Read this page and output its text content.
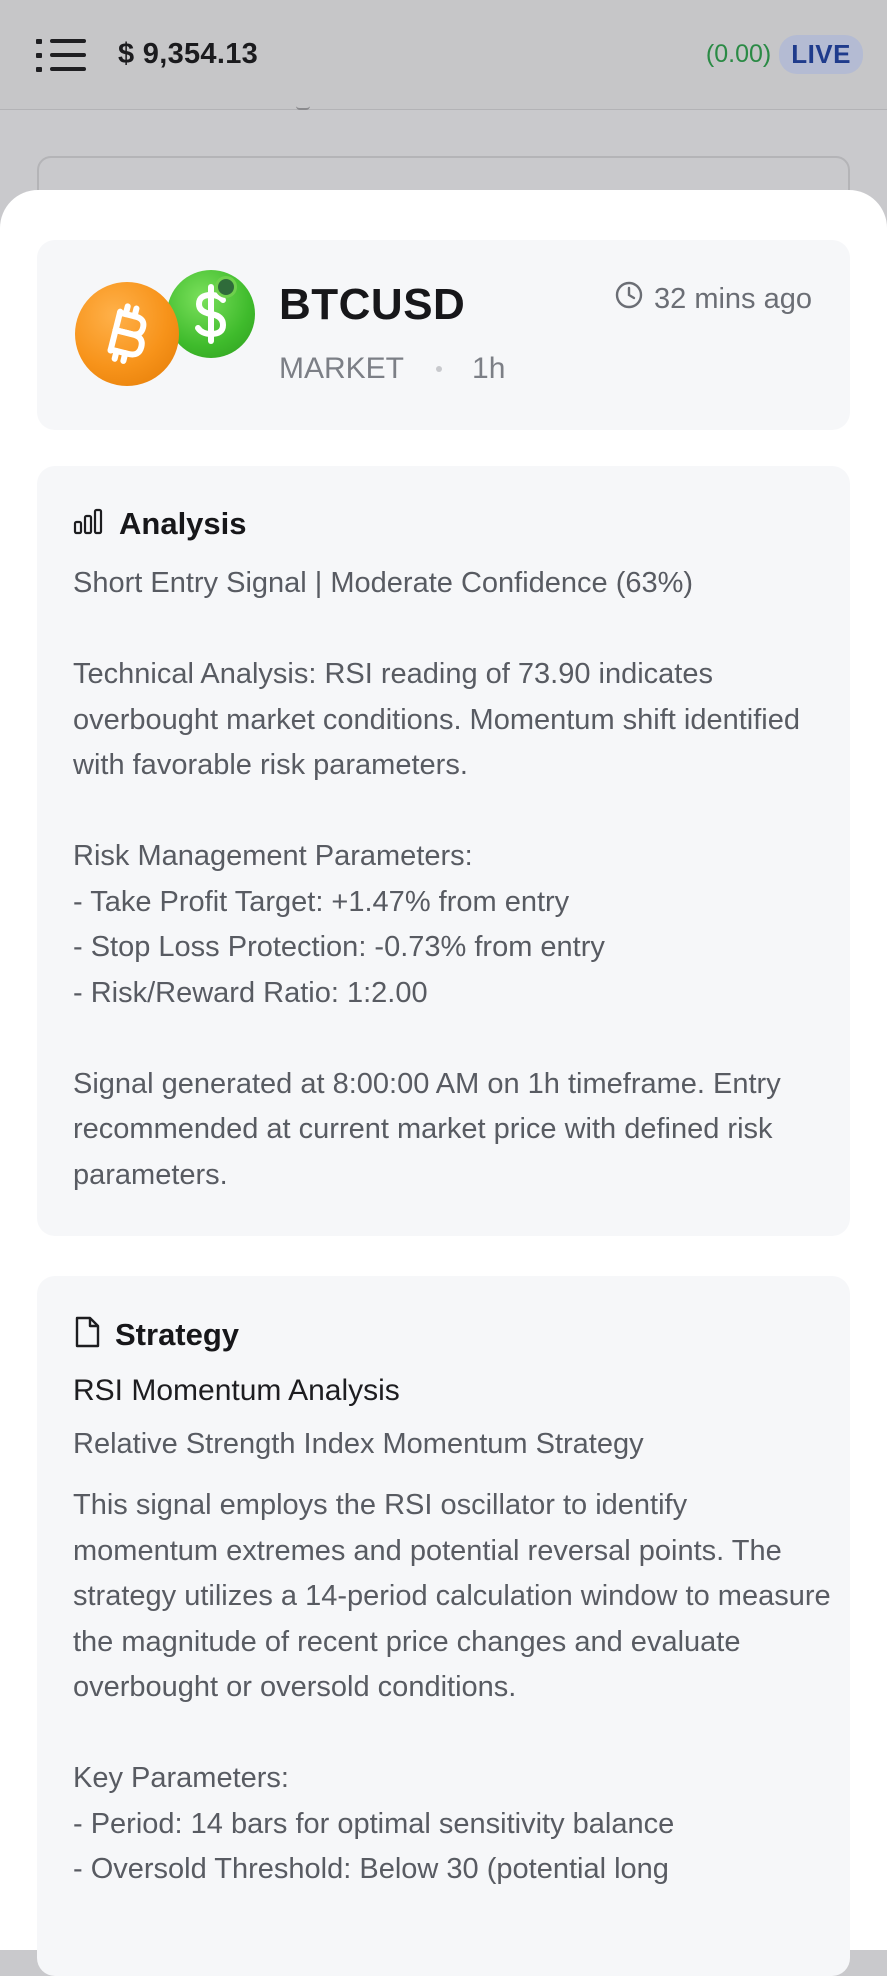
$ 9,354.13	(0.00) LIVE
BTCUSD
MARKET 1h
32 mins ago
Analysis
Short Entry Signal | Moderate Confidence (63%)

Technical Analysis: RSI reading of 73.90 indicates overbought market conditions. Momentum shift identified with favorable risk parameters.

Risk Management Parameters:
- Take Profit Target: +1.47% from entry
- Stop Loss Protection: -0.73% from entry
- Risk/Reward Ratio: 1:2.00

Signal generated at 8:00:00 AM on 1h timeframe. Entry recommended at current market price with defined risk parameters.
Strategy
RSI Momentum Analysis
Relative Strength Index Momentum Strategy
This signal employs the RSI oscillator to identify momentum extremes and potential reversal points. The strategy utilizes a 14-period calculation window to measure the magnitude of recent price changes and evaluate overbought or oversold conditions.

Key Parameters:
- Period: 14 bars for optimal sensitivity balance
- Oversold Threshold: Below 30 (potential long
